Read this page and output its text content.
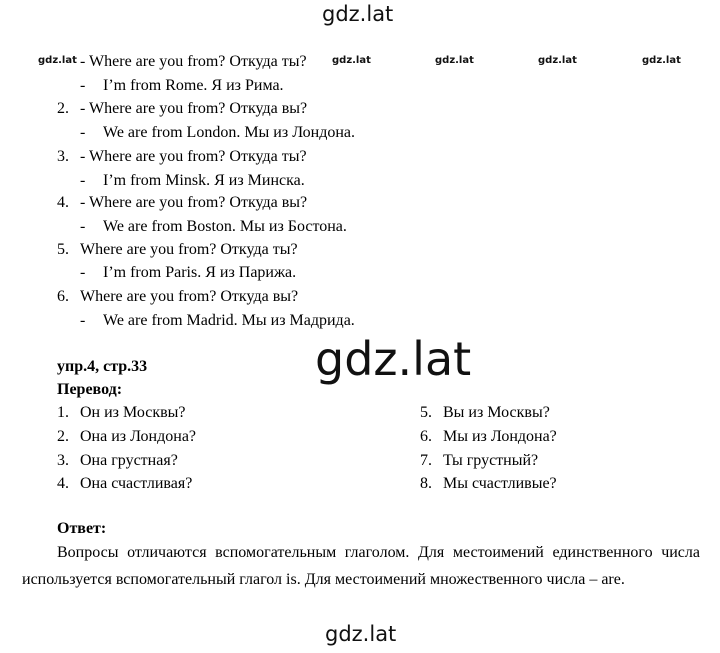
gdz.lat
gdz.lat	gdz.lat	gdz.lat	gdz.lat	gdz.lat
- Where are you from? Откуда ты?
- I’m from Rome. Я из Рима.
2. - Where are you from? Откуда вы?
- We are from London. Мы из Лондона.
3. - Where are you from? Откуда ты?
- I’m from Minsk. Я из Минска.
4. - Where are you from? Откуда вы?
- We are from Boston. Мы из Бостона.
5. Where are you from? Откуда ты?
- I’m from Paris. Я из Парижа.
6. Where are you from? Откуда вы?
- We are from Madrid. Мы из Мадрида.
gdz.lat
упр.4, стр.33
Перевод:
1. Он из Москвы?
2. Она из Лондона?
3. Она грустная?
4. Она счастливая?
5. Вы из Москвы?
6. Мы из Лондона?
7. Ты грустный?
8. Мы счастливые?
Ответ:
Вопросы отличаются вспомогательным глаголом. Для местоимений единственного числа используется вспомогательный глагол is. Для местоимений множественного числа – are.
gdz.lat
